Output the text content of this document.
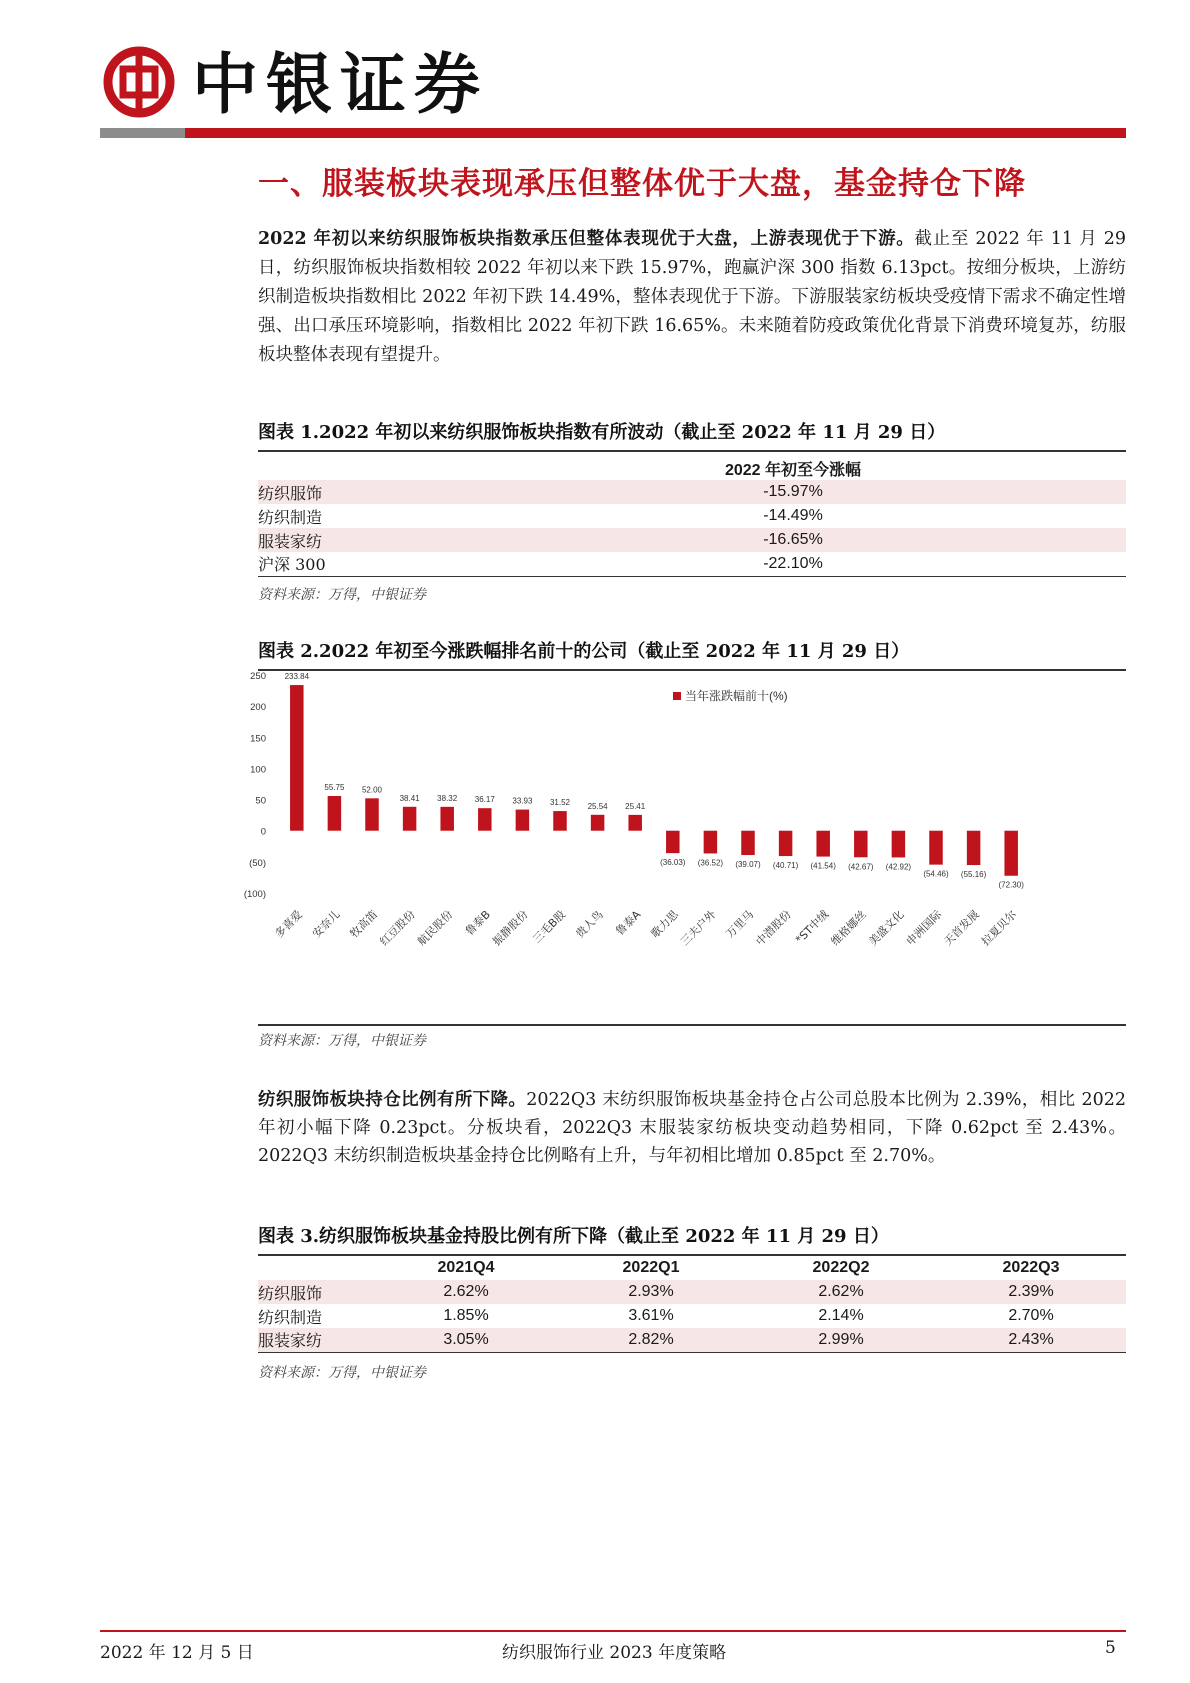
中银证券
一、服装板块表现承压但整体优于大盘，基金持仓下降
2022 年初以来纺织服饰板块指数承压但整体表现优于大盘，上游表现优于下游。截止至 2022 年 11 月 29 日，纺织服饰板块指数相较 2022 年初以来下跌 15.97%，跑赢沪深 300 指数 6.13pct。按细分板块，上游纺织制造板块指数相比 2022 年初下跌 14.49%，整体表现优于下游。下游服装家纺板块受疫情下需求不确定性增强、出口承压环境影响，指数相比 2022 年初下跌 16.65%。未来随着防疫政策优化背景下消费环境复苏，纺服板块整体表现有望提升。
图表 1.2022 年初以来纺织服饰板块指数有所波动（截止至 2022 年 11 月 29 日）
	2022 年初至今涨幅	
纺织服饰	-15.97%	
纺织制造	-14.49%	
服装家纺	-16.65%	
沪深 300	-22.10%	
资料来源：万得，中银证券
图表 2.2022 年初至今涨跌幅排名前十的公司（截止至 2022 年 11 月 29 日）
当年涨跌幅前十(%)
250
200
150
100
50
0
(50)
(100)
233.84
55.75 52.00
38.41 38.32 36.17 33.93 31.52 25.54 25.41
(36.03) (36.52) (39.07) (40.71) (41.54) (42.67) (42.92)
(54.46) (55.16)
(72.30)
多喜爱 安奈儿 牧高笛
红豆股份
航民股份 鲁泰B
振静股份 三毛B股 贵人鸟 鲁泰A 歌力思
三夫户外 万里马
中潜股份 *ST中绒
维格娜丝
美盛文化
申洲国际
天首发展
拉夏贝尔
资料来源：万得，中银证券
纺织服饰板块持仓比例有所下降。2022Q3 末纺织服饰板块基金持仓占公司总股本比例为 2.39%，相比 2022 年初小幅下降 0.23pct。分板块看，2022Q3 末服装家纺板块变动趋势相同，下降 0.62pct 至 2.43%。2022Q3 末纺织制造板块基金持仓比例略有上升，与年初相比增加 0.85pct 至 2.70%。
图表 3.纺织服饰板块基金持股比例有所下降（截止至 2022 年 11 月 29 日）
	2021Q4	2022Q1	2022Q2	2022Q3
纺织服饰	2.62%	2.93%	2.62%	2.39%
纺织制造	1.85%	3.61%	2.14%	2.70%
服装家纺	3.05%	2.82%	2.99%	2.43%
资料来源：万得，中银证券
2022 年 12 月 5 日	纺织服饰行业 2023 年度策略	5
